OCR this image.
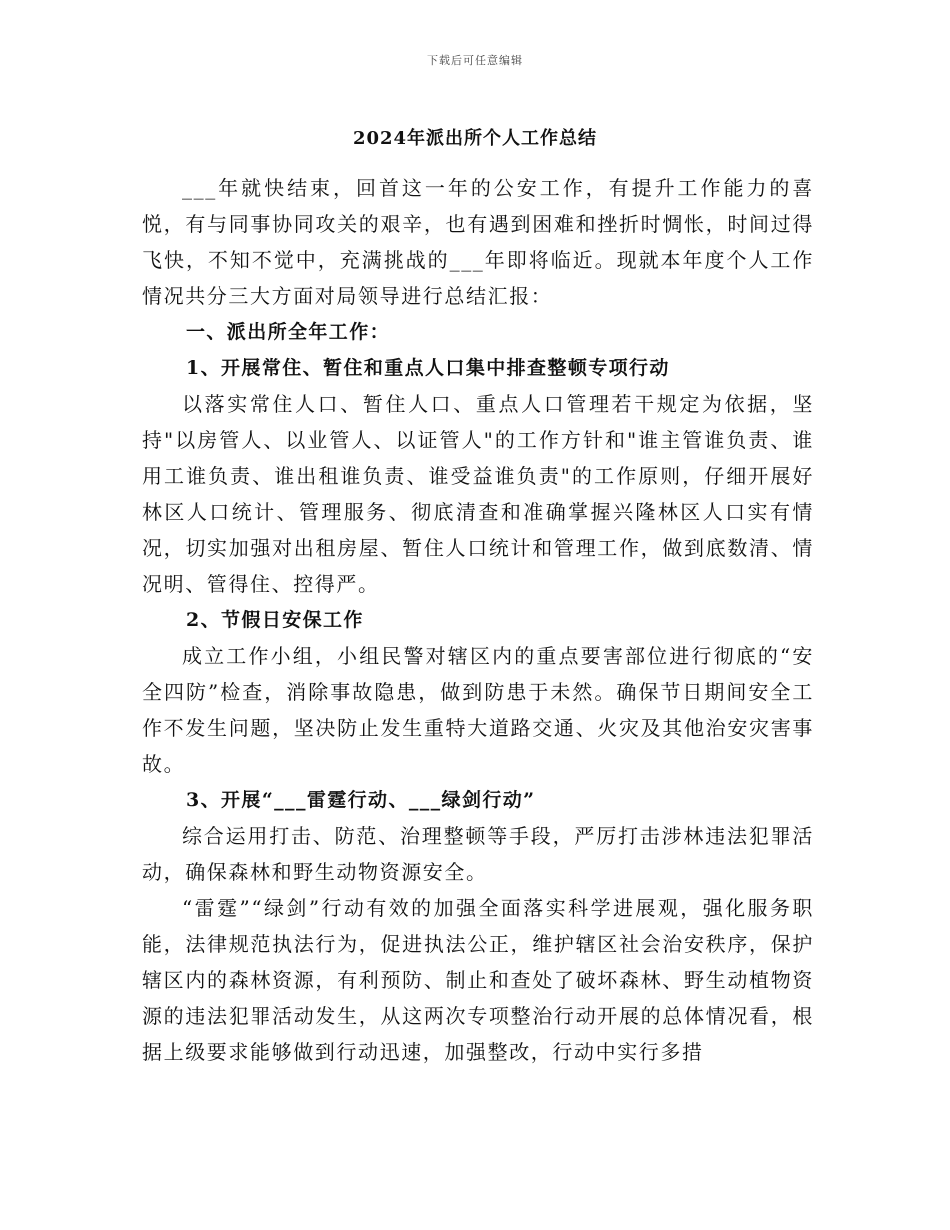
下载后可任意编辑
2024年派出所个人工作总结

___年就快结束，回首这一年的公安工作，有提升工作能力的喜悦，有与同事协同攻关的艰辛，也有遇到困难和挫折时惆怅，时间过得飞快，不知不觉中，充满挑战的___年即将临近。现就本年度个人工作情况共分三大方面对局领导进行总结汇报：

一、派出所全年工作：

1、开展常住、暂住和重点人口集中排查整顿专项行动

以落实常住人口、暂住人口、重点人口管理若干规定为依据，坚持"以房管人、以业管人、以证管人"的工作方针和"谁主管谁负责、谁用工谁负责、谁出租谁负责、谁受益谁负责"的工作原则，仔细开展好林区人口统计、管理服务、彻底清查和准确掌握兴隆林区人口实有情况，切实加强对出租房屋、暂住人口统计和管理工作，做到底数清、情况明、管得住、控得严。

2、节假日安保工作

成立工作小组，小组民警对辖区内的重点要害部位进行彻底的“安全四防”检查，消除事故隐患，做到防患于未然。确保节日期间安全工作不发生问题，坚决防止发生重特大道路交通、火灾及其他治安灾害事故。

3、开展“___雷霆行动、___绿剑行动”

综合运用打击、防范、治理整顿等手段，严厉打击涉林违法犯罪活动，确保森林和野生动物资源安全。

“雷霆”“绿剑”行动有效的加强全面落实科学进展观，强化服务职能，法律规范执法行为，促进执法公正，维护辖区社会治安秩序，保护辖区内的森林资源，有利预防、制止和查处了破坏森林、野生动植物资源的违法犯罪活动发生，从这两次专项整治行动开展的总体情况看，根据上级要求能够做到行动迅速，加强整改，行动中实行多措
